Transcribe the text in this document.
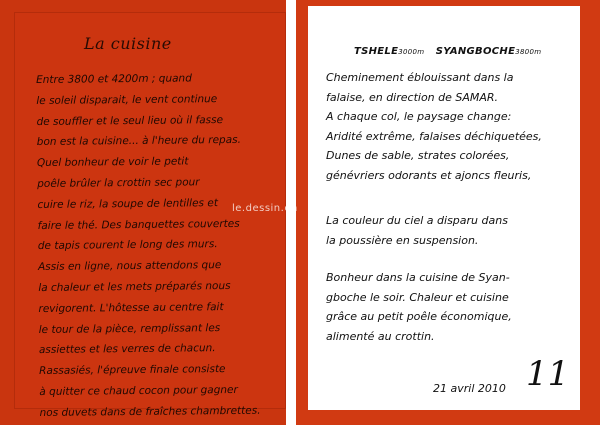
La cuisine
Entre 3800 et 4200m ; quand
le soleil disparait, le vent continue
de souffler et le seul lieu où il fasse
bon est la cuisine... à l'heure du repas.
Quel bonheur de voir le petit
poêle brûler la crottin sec pour
cuire le riz, la soupe de lentilles et
faire le thé. Des banquettes couvertes
de tapis courent le long des murs.
Assis en ligne, nous attendons que
la chaleur et les mets préparés nous
revigorent. L'hôtesse au centre fait
le tour de la pièce, remplissant les
assiettes et les verres de chacun.
Rassasiés, l'épreuve finale consiste
à quitter ce chaud cocon pour gagner
nos duvets dans de fraîches chambrettes.
TSHELE3000m SYANGBOCHE3800m
Cheminement éblouissant dans la
falaise, en direction de SAMAR.
A chaque col, le paysage change:
Aridité extrême, falaises déchiquetées,
Dunes de sable, strates colorées,
génévriers odorants et ajoncs fleuris,
La couleur du ciel a disparu dans
la poussière en suspension.
Bonheur dans la cuisine de Syan-
gboche le soir. Chaleur et cuisine
grâce au petit poêle économique,
alimenté au crottin.
21 avril 2010 11
le.dessin.en
